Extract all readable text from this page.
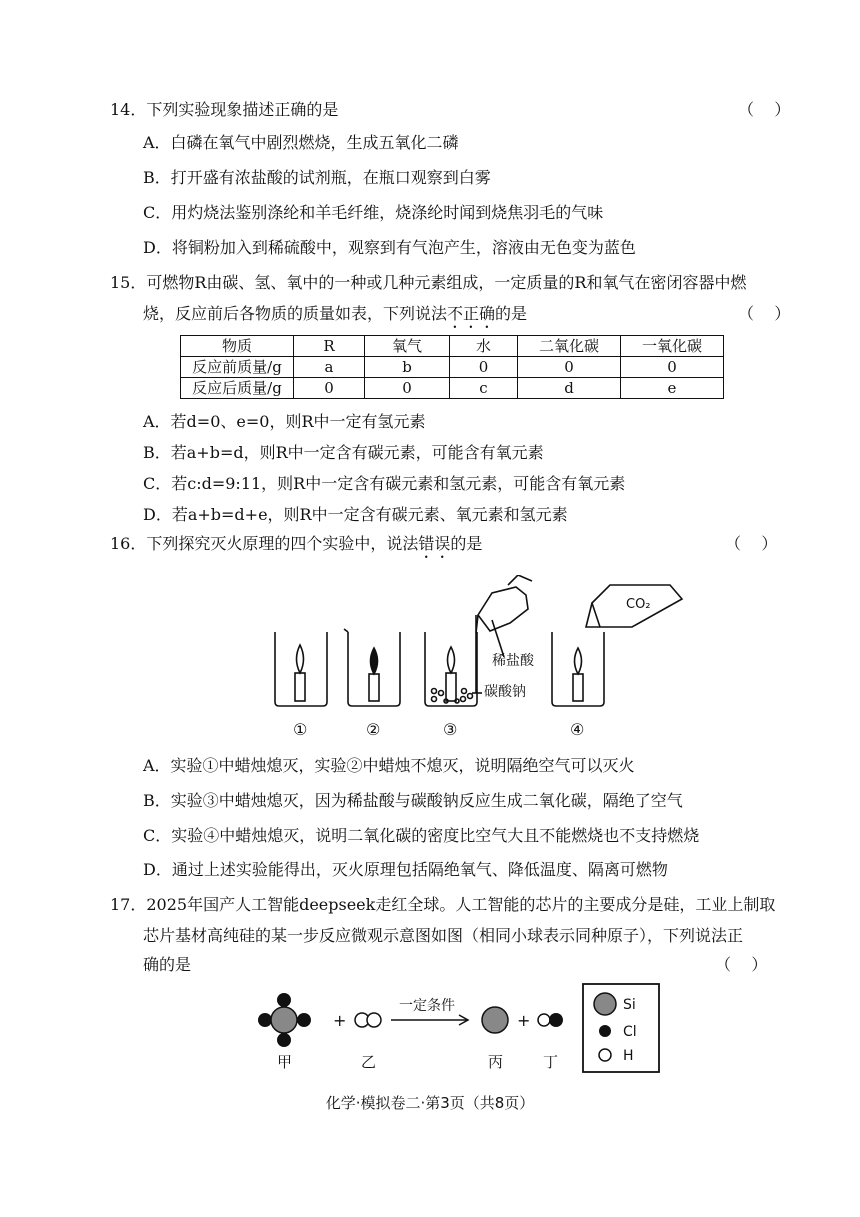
14．下列实验现象描述正确的是	（    ）
A．白磷在氧气中剧烈燃烧，生成五氧化二磷
B．打开盛有浓盐酸的试剂瓶，在瓶口观察到白雾
C．用灼烧法鉴别涤纶和羊毛纤维，烧涤纶时闻到烧焦羽毛的气味
D．将铜粉加入到稀硫酸中，观察到有气泡产生，溶液由无色变为蓝色
15．可燃物R由碳、氢、氧中的一种或几种元素组成，一定质量的R和氧气在密闭容器中燃
烧，反应前后各物质的质量如表，下列说法不正确的是	（    ）
物质	R	氧气	水	二氧化碳	一氧化碳
反应前质量/g	a	b	0	0	0
反应后质量/g	0	0	c	d	e
A．若d=0、e=0，则R中一定有氢元素
B．若a+b=d，则R中一定含有碳元素，可能含有氧元素
C．若c:d=9:11，则R中一定含有碳元素和氢元素，可能含有氧元素
D．若a+b=d+e，则R中一定含有碳元素、氧元素和氢元素
16．下列探究灭火原理的四个实验中，说法错误的是	（    ）
CO₂
稀盐酸
碳酸钠
①	②	③	④
A．实验①中蜡烛熄灭，实验②中蜡烛不熄灭，说明隔绝空气可以灭火
B．实验③中蜡烛熄灭，因为稀盐酸与碳酸钠反应生成二氧化碳，隔绝了空气
C．实验④中蜡烛熄灭，说明二氧化碳的密度比空气大且不能燃烧也不支持燃烧
D．通过上述实验能得出，灭火原理包括隔绝氧气、降低温度、隔离可燃物
17．2025年国产人工智能deepseek走红全球。人工智能的芯片的主要成分是硅，工业上制取
芯片基材高纯硅的某一步反应微观示意图如图（相同小球表示同种原子），下列说法正
确的是	（    ）
+
一定条件
+
甲	乙	丙	丁
Si
Cl
H
化学·模拟卷二·第3页（共8页）
